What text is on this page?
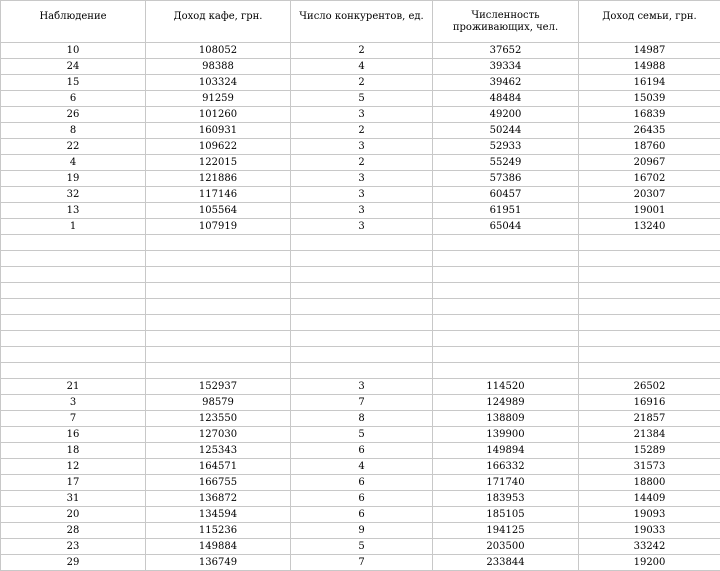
Наблюдение	Доход кафе, грн.	Число конкурентов, ед.	Численность проживающих, чел.	Доход семьи, грн.
10	108052	2	37652	14987
24	98388	4	39334	14988
15	103324	2	39462	16194
6	91259	5	48484	15039
26	101260	3	49200	16839
8	160931	2	50244	26435
22	109622	3	52933	18760
4	122015	2	55249	20967
19	121886	3	57386	16702
32	117146	3	60457	20307
13	105564	3	61951	19001
1	107919	3	65044	13240

21	152937	3	114520	26502
3	98579	7	124989	16916
7	123550	8	138809	21857
16	127030	5	139900	21384
18	125343	6	149894	15289
12	164571	4	166332	31573
17	166755	6	171740	18800
31	136872	6	183953	14409
20	134594	6	185105	19093
28	115236	9	194125	19033
23	149884	5	203500	33242
29	136749	7	233844	19200
